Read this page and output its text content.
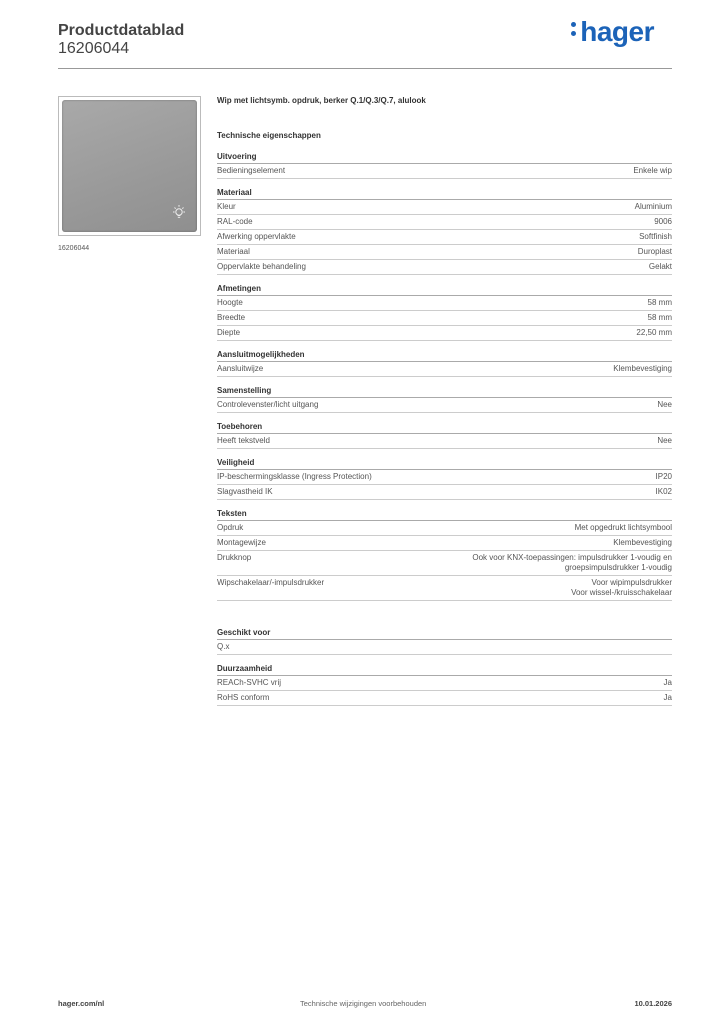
Productdatablad
16206044
hager
16206044
Wip met lichtsymb. opdruk, berker Q.1/Q.3/Q.7, alulook
Technische eigenschappen
Uitvoering
Bedieningselement	Enkele wip
Materiaal
Kleur	Aluminium
RAL-code	9006
Afwerking oppervlakte	Softfinish
Materiaal	Duroplast
Oppervlakte behandeling	Gelakt
Afmetingen
Hoogte	58 mm
Breedte	58 mm
Diepte	22,50 mm
Aansluitmogelijkheden
Aansluitwijze	Klembevestiging
Samenstelling
Controlevenster/licht uitgang	Nee
Toebehoren
Heeft tekstveld	Nee
Veiligheid
IP-beschermingsklasse (Ingress Protection)	IP20
Slagvastheid IK	IK02
Teksten
Opdruk	Met opgedrukt lichtsymbool
Montagewijze	Klembevestiging
Drukknop	Ook voor KNX-toepassingen: impulsdrukker 1-voudig en
groepsimpulsdrukker 1-voudig
Wipschakelaar/-impulsdrukker	Voor wipimpulsdrukker
Voor wissel-/kruisschakelaar
Geschikt voor
Q.x
Duurzaamheid
REACh-SVHC vrij	Ja
RoHS conform	Ja
hager.com/nl	Technische wijzigingen voorbehouden	10.01.2026
